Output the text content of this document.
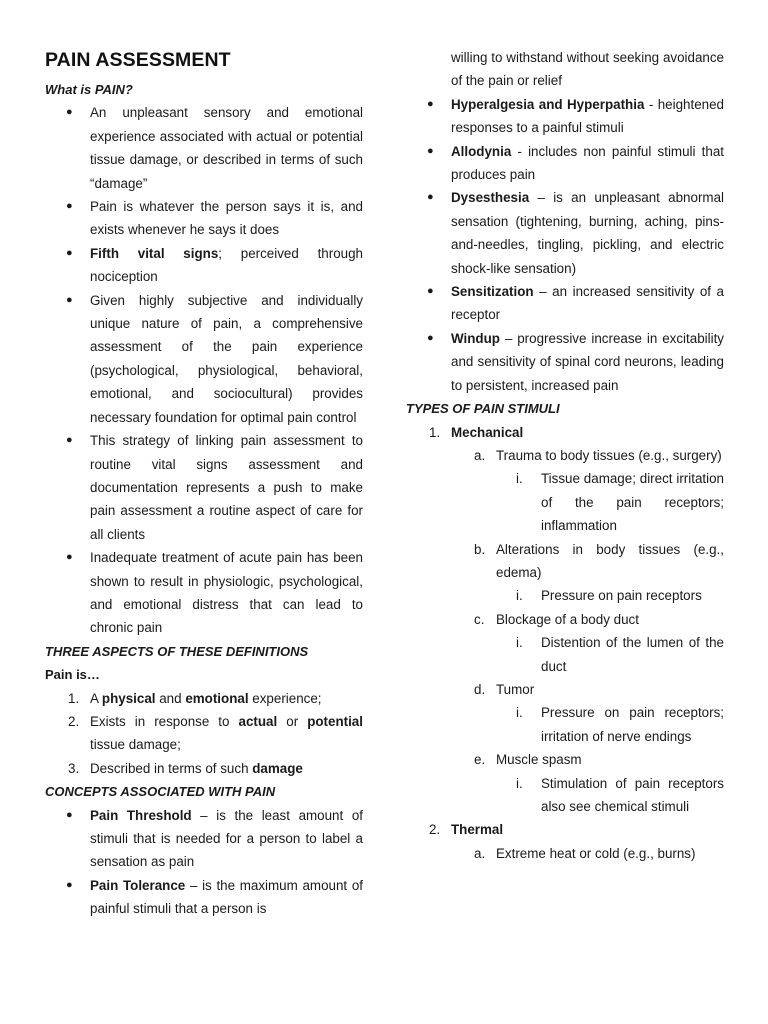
PAIN ASSESSMENT
What is PAIN?
● An unpleasant sensory and emotional experience associated with actual or potential tissue damage, or described in terms of such “damage”
● Pain is whatever the person says it is, and exists whenever he says it does
● Fifth vital signs; perceived through nociception
● Given highly subjective and individually unique nature of pain, a comprehensive assessment of the pain experience (psychological, physiological, behavioral, emotional, and sociocultural) provides necessary foundation for optimal pain control
● This strategy of linking pain assessment to routine vital signs assessment and documentation represents a push to make pain assessment a routine aspect of care for all clients
● Inadequate treatment of acute pain has been shown to result in physiologic, psychological, and emotional distress that can lead to chronic pain
THREE ASPECTS OF THESE DEFINITIONS
Pain is…
1. A physical and emotional experience;
2. Exists in response to actual or potential tissue damage;
3. Described in terms of such damage
CONCEPTS ASSOCIATED WITH PAIN
● Pain Threshold – is the least amount of stimuli that is needed for a person to label a sensation as pain
● Pain Tolerance – is the maximum amount of painful stimuli that a person is
willing to withstand without seeking avoidance of the pain or relief
● Hyperalgesia and Hyperpathia - heightened responses to a painful stimuli
● Allodynia - includes non painful stimuli that produces pain
● Dysesthesia – is an unpleasant abnormal sensation (tightening, burning, aching, pins-and-needles, tingling, pickling, and electric shock-like sensation)
● Sensitization – an increased sensitivity of a receptor
● Windup – progressive increase in excitability and sensitivity of spinal cord neurons, leading to persistent, increased pain
TYPES OF PAIN STIMULI
1. Mechanical
a. Trauma to body tissues (e.g., surgery)
i. Tissue damage; direct irritation of the pain receptors; inflammation
b. Alterations in body tissues (e.g., edema)
i. Pressure on pain receptors
c. Blockage of a body duct
i. Distention of the lumen of the duct
d. Tumor
i. Pressure on pain receptors; irritation of nerve endings
e. Muscle spasm
i. Stimulation of pain receptors also see chemical stimuli
2. Thermal
a. Extreme heat or cold (e.g., burns)
